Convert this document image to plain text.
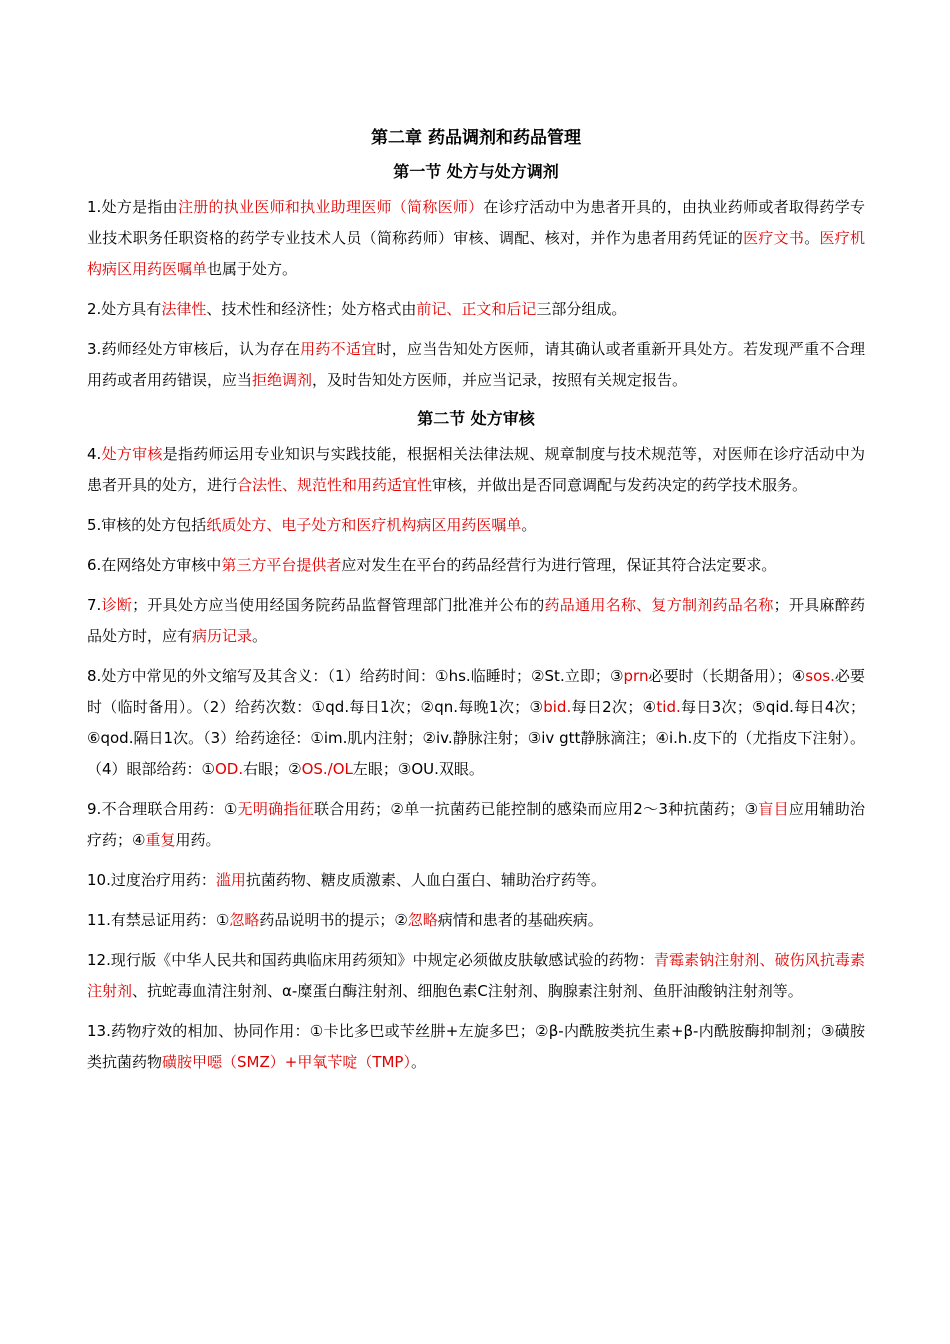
第二章 药品调剂和药品管理
第一节 处方与处方调剂
1.处方是指由注册的执业医师和执业助理医师（简称医师）在诊疗活动中为患者开具的，由执业药师或者取得药学专业技术职务任职资格的药学专业技术人员（简称药师）审核、调配、核对，并作为患者用药凭证的医疗文书。医疗机构病区用药医嘱单也属于处方。
2.处方具有法律性、技术性和经济性；处方格式由前记、正文和后记三部分组成。
3.药师经处方审核后，认为存在用药不适宜时，应当告知处方医师，请其确认或者重新开具处方。若发现严重不合理用药或者用药错误，应当拒绝调剂，及时告知处方医师，并应当记录，按照有关规定报告。
第二节 处方审核
4.处方审核是指药师运用专业知识与实践技能，根据相关法律法规、规章制度与技术规范等，对医师在诊疗活动中为患者开具的处方，进行合法性、规范性和用药适宜性审核，并做出是否同意调配与发药决定的药学技术服务。
5.审核的处方包括纸质处方、电子处方和医疗机构病区用药医嘱单。
6.在网络处方审核中第三方平台提供者应对发生在平台的药品经营行为进行管理，保证其符合法定要求。
7.诊断；开具处方应当使用经国务院药品监督管理部门批准并公布的药品通用名称、复方制剂药品名称；开具麻醉药品处方时，应有病历记录。
8.处方中常见的外文缩写及其含义：（1）给药时间：①hs.临睡时；②St.立即；③prn必要时（长期备用）；④sos.必要时（临时备用）。（2）给药次数：①qd.每日1次；②qn.每晚1次；③bid.每日2次；④tid.每日3次；⑤qid.每日4次；⑥qod.隔日1次。（3）给药途径：①im.肌内注射；②iv.静脉注射；③iv gtt静脉滴注；④i.h.皮下的（尤指皮下注射）。（4）眼部给药：①OD.右眼；②OS./OL左眼；③OU.双眼。
9.不合理联合用药：①无明确指征联合用药；②单一抗菌药已能控制的感染而应用2～3种抗菌药；③盲目应用辅助治疗药；④重复用药。
10.过度治疗用药：滥用抗菌药物、糖皮质激素、人血白蛋白、辅助治疗药等。
11.有禁忌证用药：①忽略药品说明书的提示；②忽略病情和患者的基础疾病。
12.现行版《中华人民共和国药典临床用药须知》中规定必须做皮肤敏感试验的药物：青霉素钠注射剂、破伤风抗毒素注射剂、抗蛇毒血清注射剂、α-糜蛋白酶注射剂、细胞色素C注射剂、胸腺素注射剂、鱼肝油酸钠注射剂等。
13.药物疗效的相加、协同作用：①卡比多巴或苄丝肼+左旋多巴；②β-内酰胺类抗生素+β-内酰胺酶抑制剂；③磺胺类抗菌药物磺胺甲噁（SMZ）+甲氧苄啶（TMP）。
